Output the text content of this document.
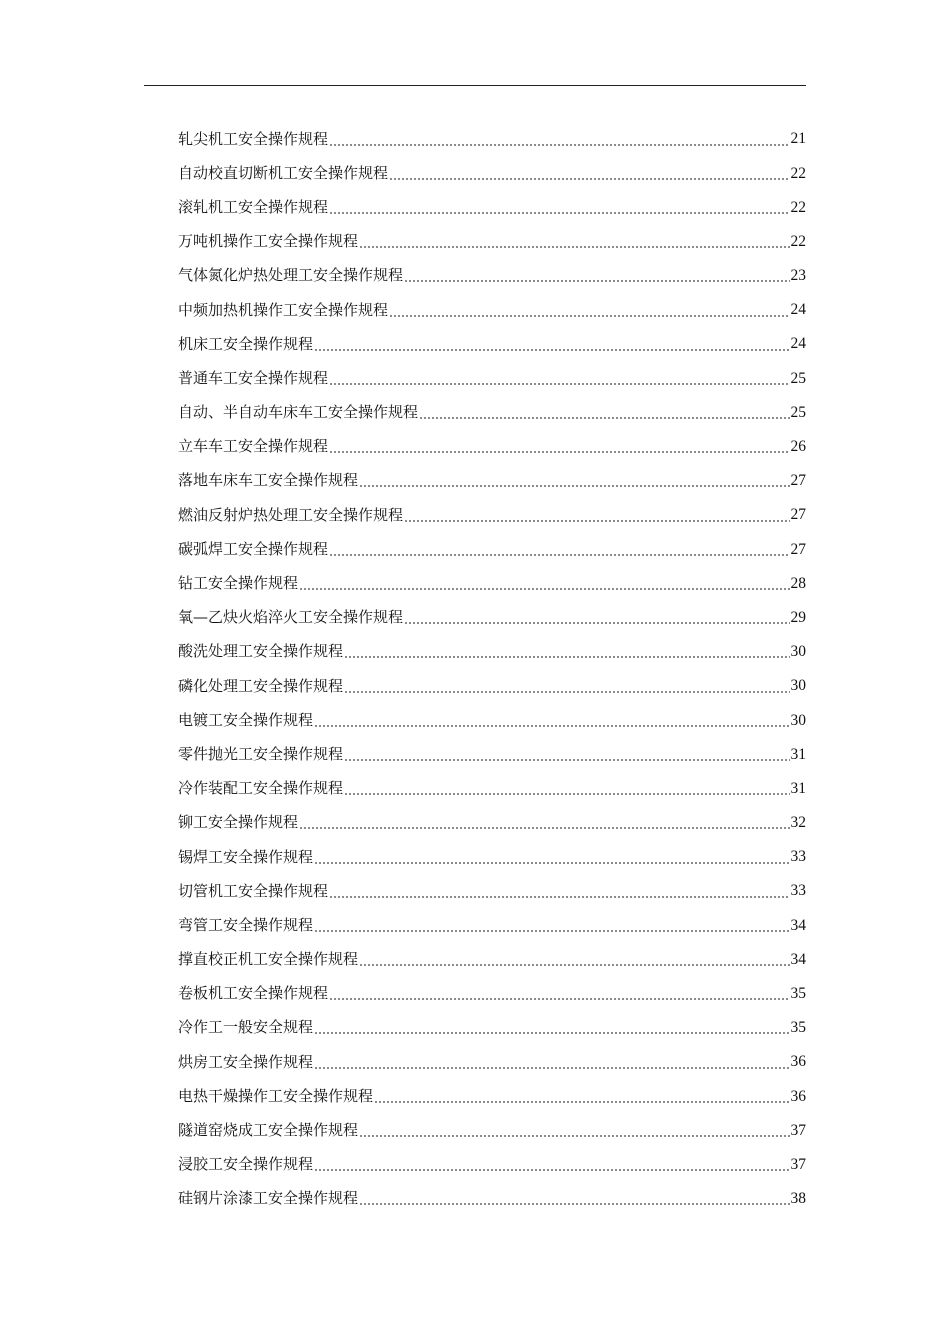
轧尖机工安全操作规程	21
自动校直切断机工安全操作规程	22
滚轧机工安全操作规程	22
万吨机操作工安全操作规程	22
气体氮化炉热处理工安全操作规程	23
中频加热机操作工安全操作规程	24
机床工安全操作规程	24
普通车工安全操作规程	25
自动、半自动车床车工安全操作规程	25
立车车工安全操作规程	26
落地车床车工安全操作规程	27
燃油反射炉热处理工安全操作规程	27
碳弧焊工安全操作规程	27
钻工安全操作规程	28
氧—乙炔火焰淬火工安全操作规程	29
酸洗处理工安全操作规程	30
磷化处理工安全操作规程	30
电镀工安全操作规程	30
零件抛光工安全操作规程	31
冷作装配工安全操作规程	31
铆工安全操作规程	32
锡焊工安全操作规程	33
切管机工安全操作规程	33
弯管工安全操作规程	34
撑直校正机工安全操作规程	34
卷板机工安全操作规程	35
冷作工一般安全规程	35
烘房工安全操作规程	36
电热干燥操作工安全操作规程	36
隧道窑烧成工安全操作规程	37
浸胶工安全操作规程	37
硅钢片涂漆工安全操作规程	38
